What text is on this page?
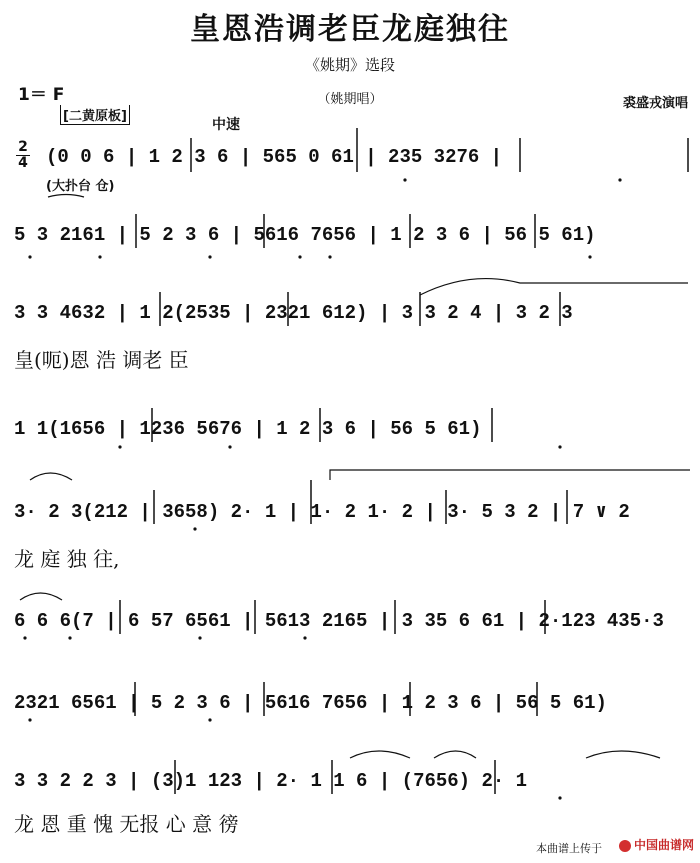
皇恩浩调老臣龙庭独往
《姚期》选段
（姚期唱）
1＝ F	裘盛戎演唱
[二黄原板]
中速
2
4 (0 0 6 | 1 2 3 6 | 565 0 61 | 235 3276 |
(大扑台 仓)
5 3 2161 | 5 2 3 6 | 5616 7656 | 1 2 3 6 | 56 5 61)
3 3 4632 | 1 2(2535 | 2321 612) | 3 3 2 4 | 3 2 3
皇(呃)恩 浩 调老 臣
1 1(1656 | 1236 5676 | 1 2 3 6 | 56 5 61)
3· 2 3(212 | 3658) 2· 1 | 1· 2 1· 2 | 3· 5 3 2 | 7 ∨ 2
龙 庭 独 往,
6 6 6(7 | 6 57 6561 | 5613 2165 | 3 35 6 61 | 2·123 435·3
2321 6561 | 5 2 3 6 | 5616 7656 | 1 2 3 6 | 56 5 61)
3 3 2 2 3 | (3)1 123 | 2· 1 1 6 | (7656) 2· 1
龙 恩 重 愧 无报 心 意 徬
本曲谱上传于	中国曲谱网
